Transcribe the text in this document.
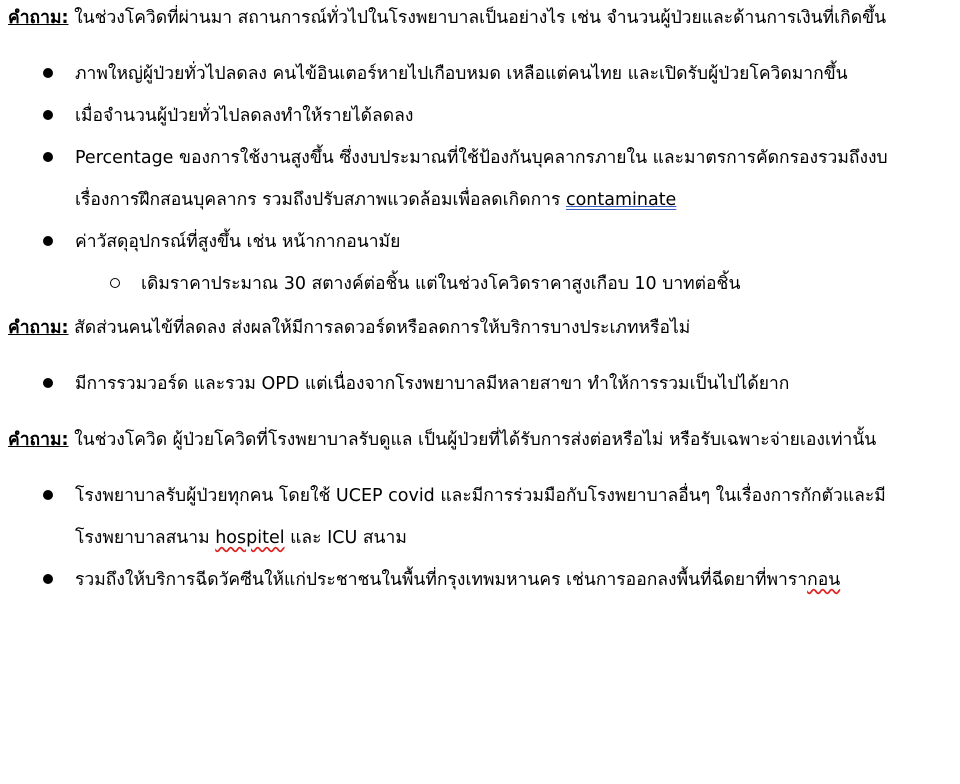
คำถาม: ในช่วงโควิดที่ผ่านมา สถานการณ์ทั่วไปในโรงพยาบาลเป็นอย่างไร เช่น จำนวนผู้ป่วยและด้านการเงินที่เกิดขึ้น

ภาพใหญ่ผู้ป่วยทั่วไปลดลง คนไข้อินเตอร์หายไปเกือบหมด เหลือแต่คนไทย และเปิดรับผู้ป่วยโควิดมากขึ้น
เมื่อจำนวนผู้ป่วยทั่วไปลดลงทำให้รายได้ลดลง
Percentage ของการใช้งานสูงขึ้น ซึ่งงบประมาณที่ใช้ป้องกันบุคลากรภายใน และมาตรการคัดกรองรวมถึงงบเรื่องการฝึกสอนบุคลากร รวมถึงปรับสภาพแวดล้อมเพื่อลดเกิดการ contaminate
ค่าวัสดุอุปกรณ์ที่สูงขึ้น เช่น หน้ากากอนามัย
เดิมราคาประมาณ 30 สตางค์ต่อชิ้น แต่ในช่วงโควิดราคาสูงเกือบ 10 บาทต่อชิ้น

คำถาม: สัดส่วนคนไข้ที่ลดลง ส่งผลให้มีการลดวอร์ดหรือลดการให้บริการบางประเภทหรือไม่

มีการรวมวอร์ด และรวม OPD แต่เนื่องจากโรงพยาบาลมีหลายสาขา ทำให้การรวมเป็นไปได้ยาก

คำถาม: ในช่วงโควิด ผู้ป่วยโควิดที่โรงพยาบาลรับดูแล เป็นผู้ป่วยที่ได้รับการส่งต่อหรือไม่ หรือรับเฉพาะจ่ายเองเท่านั้น

โรงพยาบาลรับผู้ป่วยทุกคน โดยใช้ UCEP covid และมีการร่วมมือกับโรงพยาบาลอื่นๆ ในเรื่องการกักตัวและมี โรงพยาบาลสนาม hospitel และ ICU สนาม
รวมถึงให้บริการฉีดวัคซีนให้แก่ประชาชนในพื้นที่กรุงเทพมหานคร เช่นการออกลงพื้นที่ฉีดยาที่พารากอน
